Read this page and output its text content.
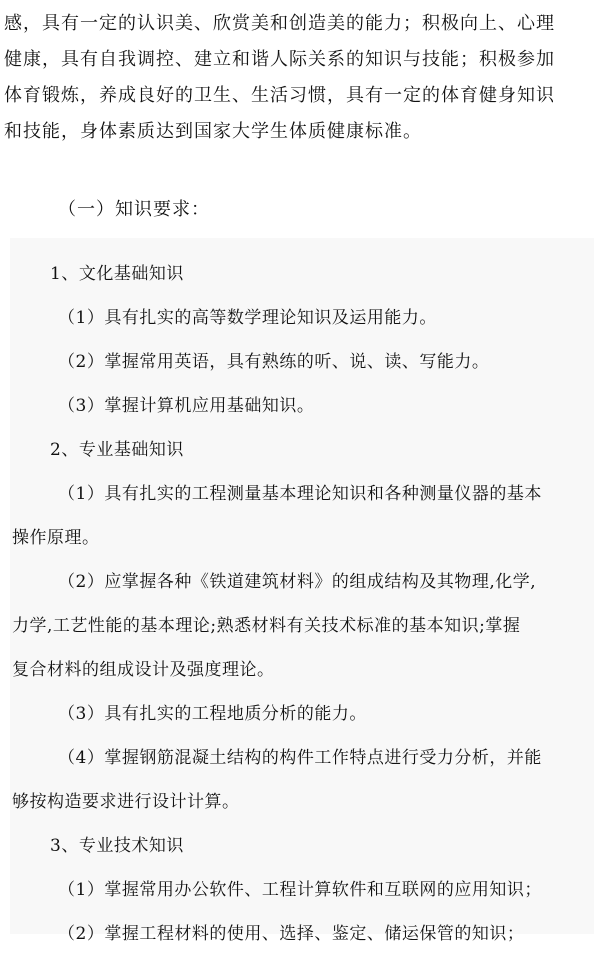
感，具有一定的认识美、欣赏美和创造美的能力；积极向上、心理

健康，具有自我调控、建立和谐人际关系的知识与技能；积极参加

体育锻炼，养成良好的卫生、生活习惯，具有一定的体育健身知识

和技能，身体素质达到国家大学生体质健康标准。

（一）知识要求：
1、文化基础知识
（1）具有扎实的高等数学理论知识及运用能力。
（2）掌握常用英语，具有熟练的听、说、读、写能力。
（3）掌握计算机应用基础知识。
2、专业基础知识
（1）具有扎实的工程测量基本理论知识和各种测量仪器的基本
操作原理。
（2）应掌握各种《铁道建筑材料》的组成结构及其物理,化学,
力学,工艺性能的基本理论;熟悉材料有关技术标准的基本知识;掌握
复合材料的组成设计及强度理论。
（3）具有扎实的工程地质分析的能力。
（4）掌握钢筋混凝土结构的构件工作特点进行受力分析，并能
够按构造要求进行设计计算。
3、专业技术知识
（1）掌握常用办公软件、工程计算软件和互联网的应用知识；
（2）掌握工程材料的使用、选择、鉴定、储运保管的知识；
